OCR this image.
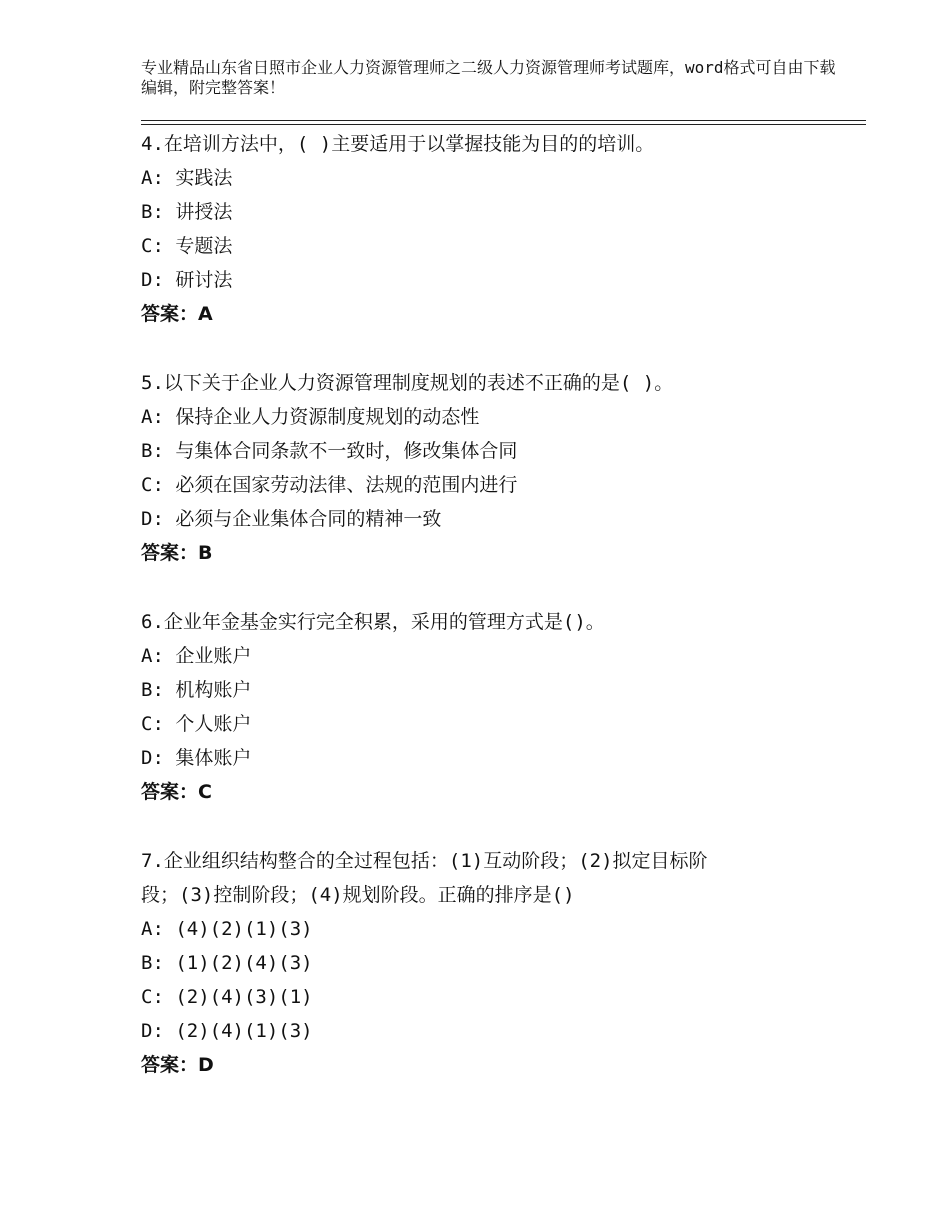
专业精品山东省日照市企业人力资源管理师之二级人力资源管理师考试题库，word格式可自由下载编辑，附完整答案！

4.在培训方法中，( )主要适用于以掌握技能为目的的培训。

A: 实践法

B: 讲授法

C: 专题法

D: 研讨法

答案：A

5.以下关于企业人力资源管理制度规划的表述不正确的是( )。

A: 保持企业人力资源制度规划的动态性

B: 与集体合同条款不一致时，修改集体合同

C: 必须在国家劳动法律、法规的范围内进行

D: 必须与企业集体合同的精神一致

答案：B

6.企业年金基金实行完全积累，采用的管理方式是()。

A: 企业账户

B: 机构账户

C: 个人账户

D: 集体账户

答案：C

7.企业组织结构整合的全过程包括：(1)互动阶段；(2)拟定目标阶

段；(3)控制阶段；(4)规划阶段。正确的排序是()

A: (4)(2)(1)(3)

B: (1)(2)(4)(3)

C: (2)(4)(3)(1)

D: (2)(4)(1)(3)

答案：D
